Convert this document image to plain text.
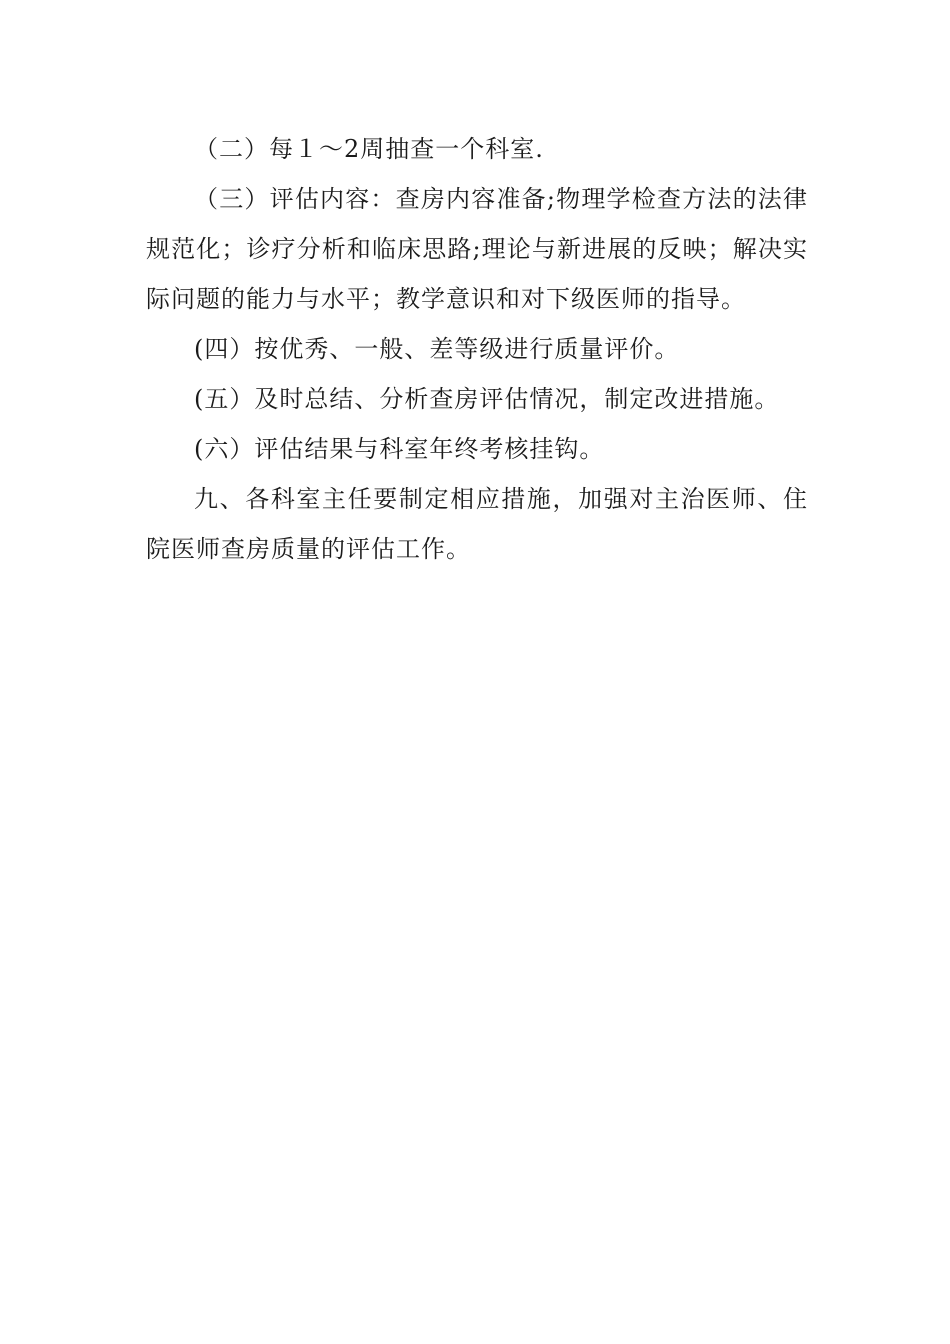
（二）每１～2周抽查一个科室.

（三）评估内容：查房内容准备;物理学检查方法的法律规范化；诊疗分析和临床思路;理论与新进展的反映；解决实际问题的能力与水平；教学意识和对下级医师的指导。

(四）按优秀、一般、差等级进行质量评价。

(五）及时总结、分析查房评估情况，制定改进措施。

(六）评估结果与科室年终考核挂钩。

九、各科室主任要制定相应措施，加强对主治医师、住院医师查房质量的评估工作。
